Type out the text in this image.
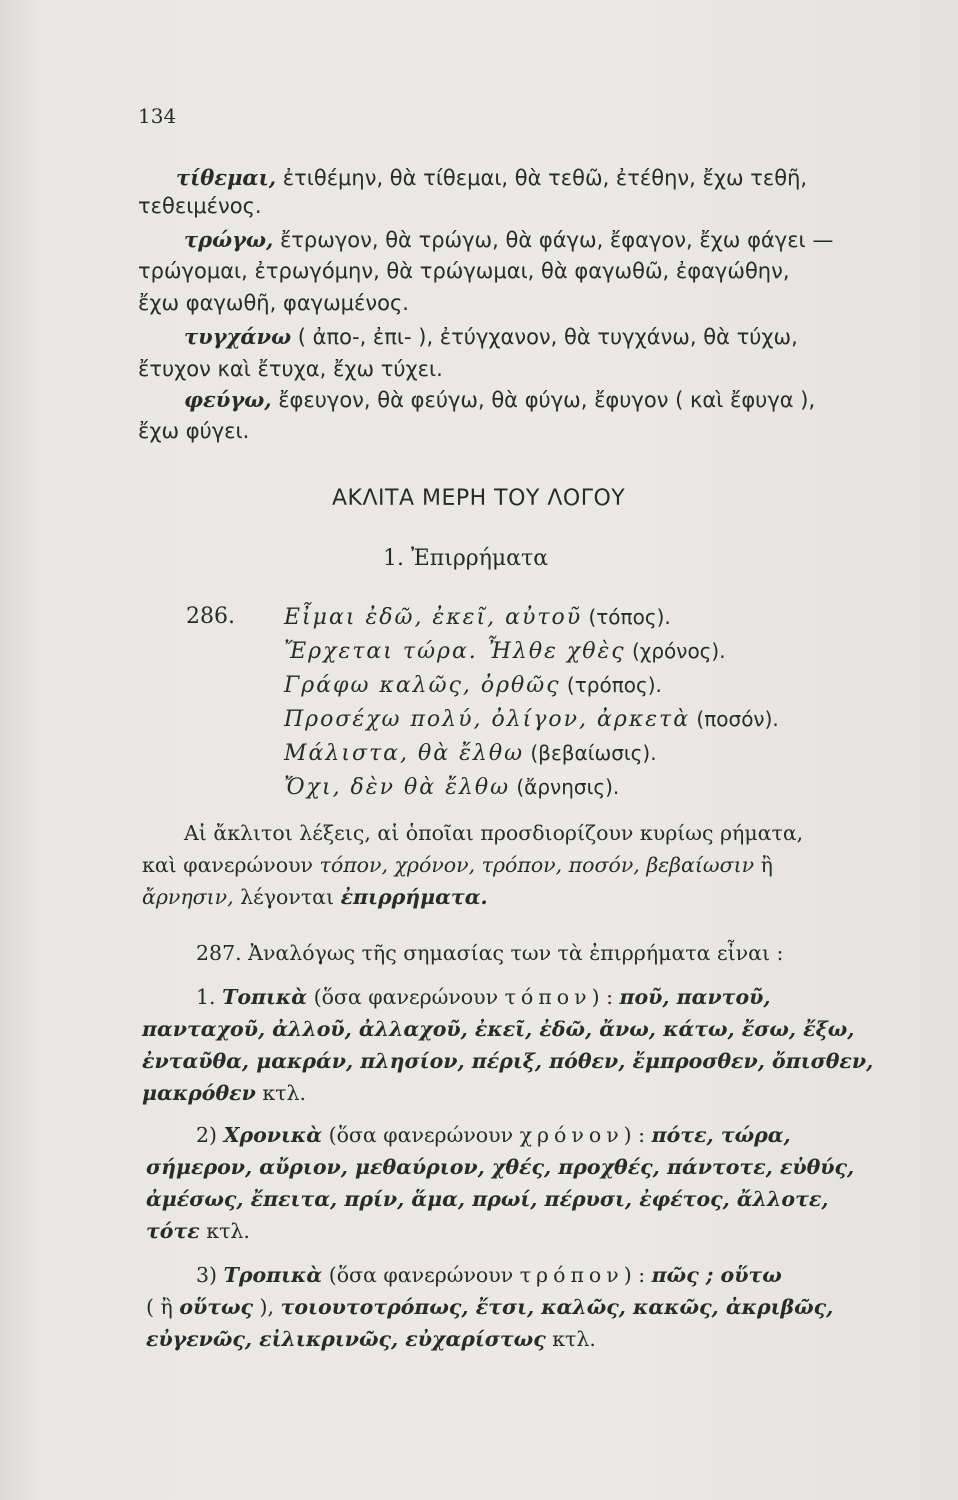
134
τίθεμαι, ἐτιθέμην, θὰ τίθεμαι, θὰ τεθῶ, ἐτέθην, ἔχω τεθῆ,
τεθειμένος.
τρώγω, ἔτρωγον, θὰ τρώγω, θὰ φάγω, ἔφαγον, ἔχω φάγει —
τρώγομαι, ἐτρωγόμην, θὰ τρώγωμαι, θὰ φαγωθῶ, ἐφαγώθην,
ἔχω φαγωθῆ, φαγωμένος.
τυγχάνω ( ἀπο-, ἐπι- ), ἐτύγχανον, θὰ τυγχάνω, θὰ τύχω,
ἔτυχον καὶ ἔτυχα, ἔχω τύχει.
φεύγω, ἔφευγον, θὰ φεύγω, θὰ φύγω, ἔφυγον ( καὶ ἔφυγα ),
ἔχω φύγει.
ΑΚΛΙΤΑ ΜΕΡΗ ΤΟΥ ΛΟΓΟΥ
1. Ἐπιρρήματα
286. Εἶμαι ἐδῶ, ἐκεῖ, αὐτοῦ (τόπος).
Ἔρχεται τώρα. Ἦλθε χθὲς (χρόνος).
Γράφω καλῶς, ὀρθῶς (τρόπος).
Προσέχω πολύ, ὀλίγον, ἀρκετὰ (ποσόν).
Μάλιστα, θὰ ἔλθω (βεβαίωσις).
Ὄχι, δὲν θὰ ἔλθω (ἄρνησις).
Αἱ ἄκλιτοι λέξεις, αἱ ὁποῖαι προσδιορίζουν κυρίως ρήματα,
καὶ φανερώνουν τόπον, χρόνον, τρόπον, ποσόν, βεβαίωσιν ἢ
ἄρνησιν, λέγονται ἐπιρρήματα.
287. Ἀναλόγως τῆς σημασίας των τὰ ἐπιρρήματα εἶναι :
1. Τοπικὰ (ὅσα φανερώνουν τόπον) : ποῦ, παντοῦ,
πανταχοῦ, ἀλλοῦ, ἀλλαχοῦ, ἐκεῖ, ἐδῶ, ἄνω, κάτω, ἔσω, ἔξω,
ἐνταῦθα, μακράν, πλησίον, πέριξ, πόθεν, ἔμπροσθεν, ὄπισθεν,
μακρόθεν κτλ.
2) Χρονικὰ (ὅσα φανερώνουν χρόνον) : πότε, τώρα,
σήμερον, αὔριον, μεθαύριον, χθές, προχθές, πάντοτε, εὐθύς,
ἀμέσως, ἔπειτα, πρίν, ἅμα, πρωί, πέρυσι, ἐφέτος, ἄλλοτε,
τότε κτλ.
3) Τροπικὰ (ὅσα φανερώνουν τρόπον) : πῶς ; οὕτω
( ἢ οὕτως ), τοιουτοτρόπως, ἔτσι, καλῶς, κακῶς, ἀκριβῶς,
εὐγενῶς, εἰλικρινῶς, εὐχαρίστως κτλ.
